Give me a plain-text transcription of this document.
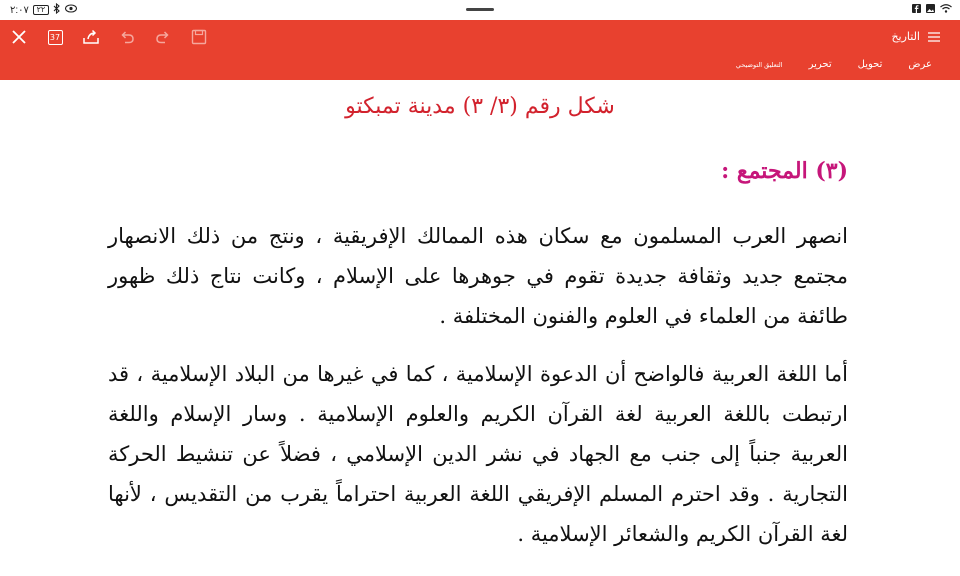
٢:٠٧ ٢٢
37	التاريخ
عرض
تحويل
تحرير
التعليق التوضيحي
شكل رقم (٣/ ٣) مدينة تمبكتو
(٣) المجتمع :

انصهر العرب المسلمون مع سكان هذه الممالك الإفريقية ، ونتج من ذلك الانصهار مجتمع جديد وثقافة جديدة تقوم في جوهرها على الإسلام ، وكانت نتاج ذلك ظهور طائفة من العلماء في العلوم والفنون المختلفة .

أما اللغة العربية فالواضح أن الدعوة الإسلامية ، كما في غيرها من البلاد الإسلامية ، قد ارتبطت باللغة العربية لغة القرآن الكريم والعلوم الإسلامية . وسار الإسلام واللغة العربية جنباً إلى جنب مع الجهاد في نشر الدين الإسلامي ، فضلاً عن تنشيط الحركة التجارية . وقد احترم المسلم الإفريقي اللغة العربية احتراماً يقرب من التقديس ، لأنها لغة القرآن الكريم والشعائر الإسلامية .
